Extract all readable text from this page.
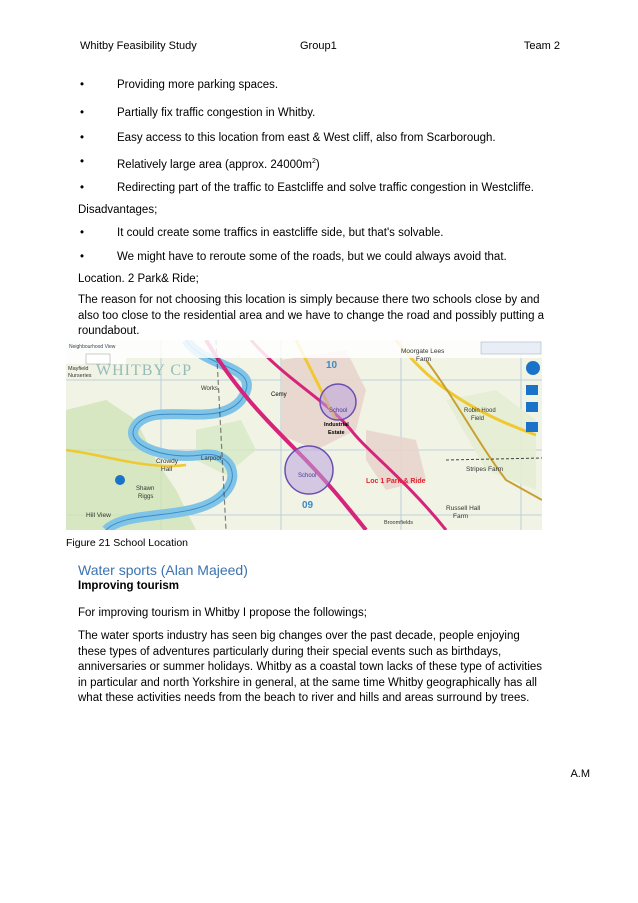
Whitby Feasibility Study	Group1	Team 2
•	Providing more parking spaces.
•	Partially fix traffic congestion in Whitby.
•	Easy access to this location from east & West cliff, also from Scarborough.
•	Relatively large area (approx. $24000m^2$)
•	Redirecting part of the traffic to Eastcliffe and solve traffic congestion in Westcliffe.
Disadvantages;
•	It could create some traffics in eastcliffe side, but that's solvable.
•	We might have to reroute some of the roads, but we could always avoid that.
Location. 2 Park& Ride;
The reason for not choosing this location is simply because there two schools close by and
also too close to the residential area and we have to change the road and possibly putting a
roundabout.
Neighbourhood View
WHITBY CP
Moorgate Lees
Farm
Mayfield
Nurseries
Works
Cemy
Industrial
Estate
Robin Hood
Field
Crowdy
Hall
Larpool
Stripes Farm
Shawn
Riggs
Russell Hall
Farm
Hill View
Broomfields
School
School
Loc 1 Park & Ride
10
09
Figure 21 School Location
Water sports (Alan Majeed)
Improving tourism
For improving tourism in Whitby I propose the followings;
The water sports industry has seen big changes over the past decade, people enjoying
these types of adventures particularly during their special events such as birthdays,
anniversaries or summer holidays. Whitby as a coastal town lacks of these type of activities
in particular and north Yorkshire in general, at the same time Whitby geographically has all
what these activities needs from the beach to river and hills and areas surround by trees.
A.M
